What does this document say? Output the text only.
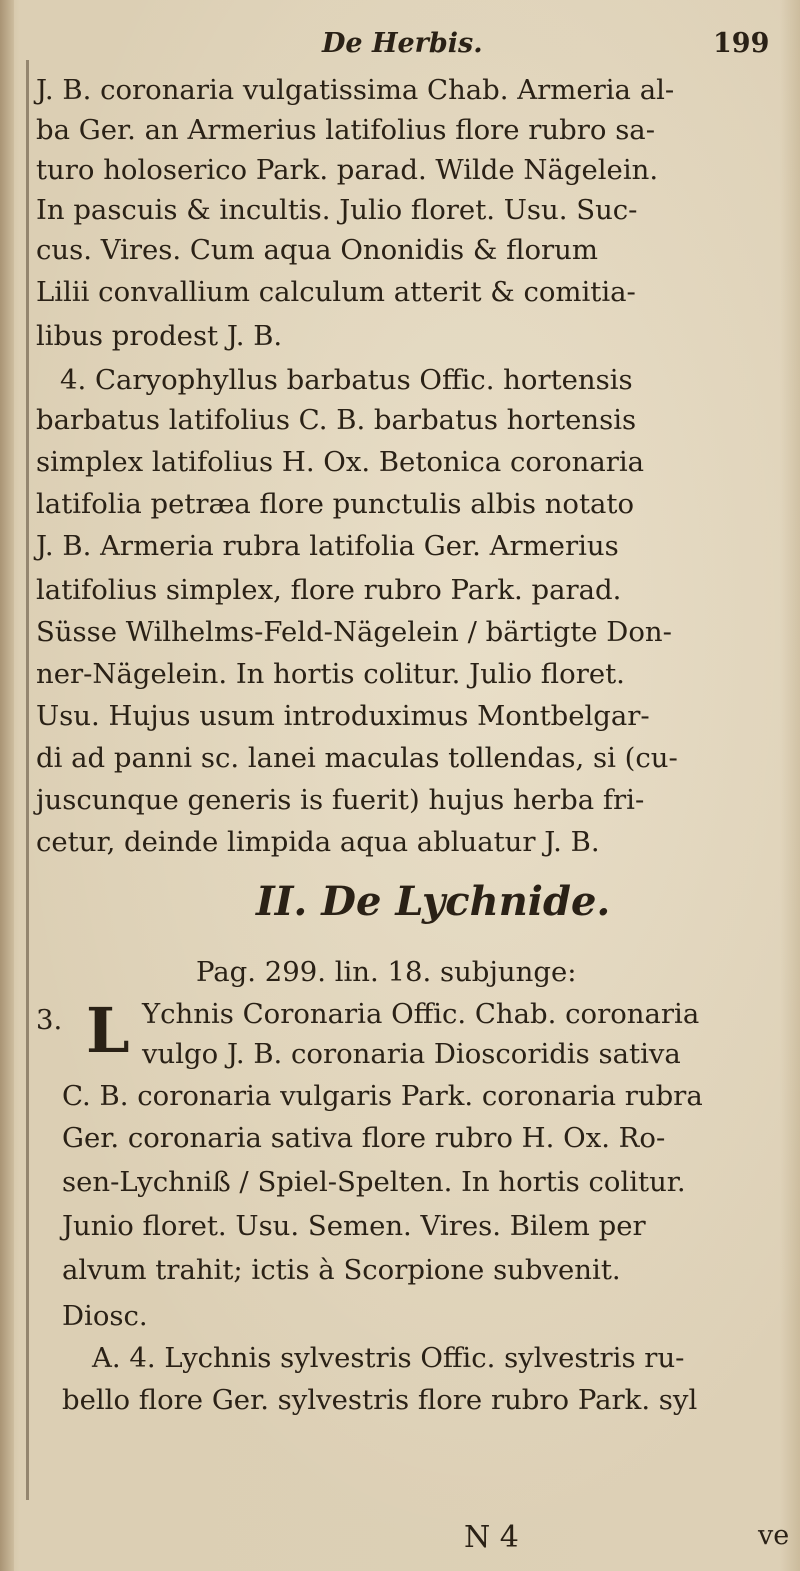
De Herbis.	199
J. B. coronaria vulgatissima Chab. Armeria al-
ba Ger. an Armerius latifolius flore rubro sa-
turo holoserico Park. parad. Wilde Nägelein.
In pascuis & incultis. Julio floret. Usu. Suc-
cus. Vires. Cum aqua Ononidis & florum
Lilii convallium calculum atterit & comitia-
libus prodest J. B.
4. Caryophyllus barbatus Offic. hortensis
barbatus latifolius C. B. barbatus hortensis
simplex latifolius H. Ox. Betonica coronaria
latifolia petræa flore punctulis albis notato
J. B. Armeria rubra latifolia Ger. Armerius
latifolius simplex, flore rubro Park. parad.
Süsse Wilhelms-Feld-Nägelein / bärtigte Don-
ner-Nägelein. In hortis colitur. Julio floret.
Usu. Hujus usum introduximus Montbelgar-
di ad panni sc. lanei maculas tollendas, si (cu-
juscunque generis is fuerit) hujus herba fri-
cetur, deinde limpida aqua abluatur J. B.
II. De Lychnide.
Pag. 299. lin. 18. subjunge:
3. L Ychnis Coronaria Offic. Chab. coronaria
vulgo J. B. coronaria Dioscoridis sativa
C. B. coronaria vulgaris Park. coronaria rubra
Ger. coronaria sativa flore rubro H. Ox. Ro-
sen-Lychniß / Spiel-Spelten. In hortis colitur.
Junio floret. Usu. Semen. Vires. Bilem per
alvum trahit; ictis à Scorpione subvenit.
Diosc.
A. 4. Lychnis sylvestris Offic. sylvestris ru-
bello flore Ger. sylvestris flore rubro Park. syl
N 4	ve
